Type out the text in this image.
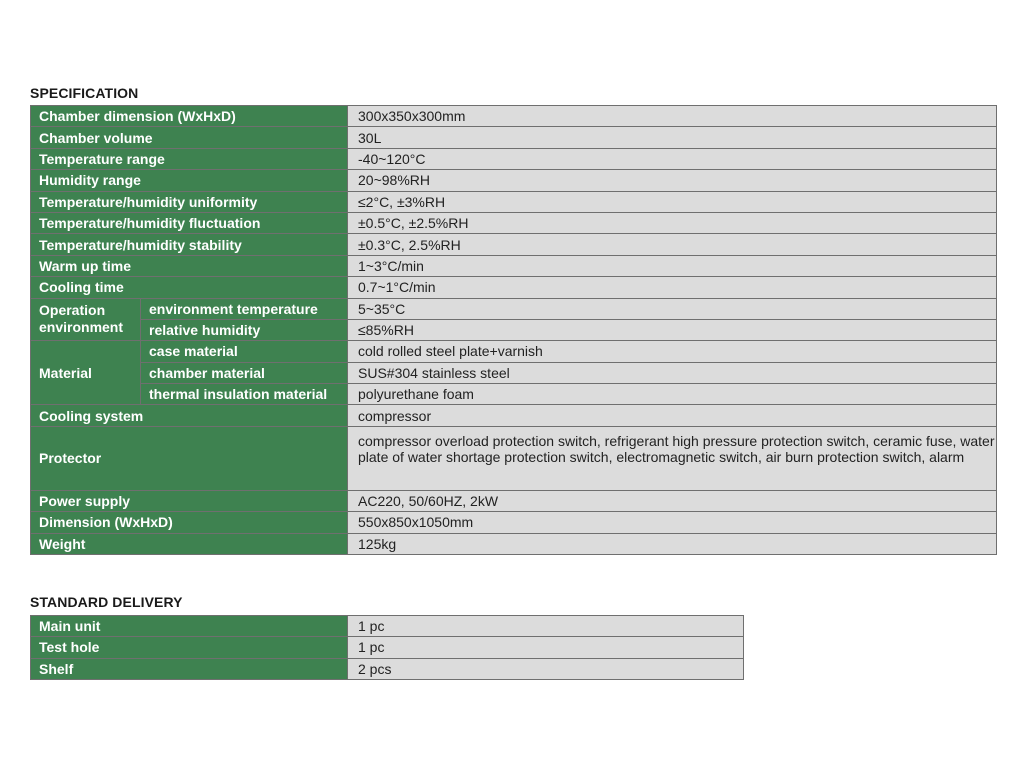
SPECIFICATION
Chamber dimension (WxHxD)		300x350x300mm
Chamber volume		30L
Temperature range		-40~120°C
Humidity range		20~98%RH
Temperature/humidity uniformity		≤2°C, ±3%RH
Temperature/humidity fluctuation		±0.5°C, ±2.5%RH
Temperature/humidity stability		±0.3°C, 2.5%RH
Warm up time		1~3°C/min
Cooling time		0.7~1°C/min
Operation environment	environment temperature	5~35°C
	relative humidity	≤85%RH
Material	case material	cold rolled steel plate+varnish
	chamber material	SUS#304 stainless steel
	thermal insulation material	polyurethane foam
Cooling system		compressor
Protector		compressor overload protection switch, refrigerant high pressure protection switch, ceramic fuse, water plate of water shortage protection switch, electromagnetic switch, air burn protection switch, alarm
Power supply		AC220, 50/60HZ, 2kW
Dimension (WxHxD)		550x850x1050mm
Weight		125kg
STANDARD DELIVERY
Main unit	1 pc
Test hole	1 pc
Shelf	2 pcs
